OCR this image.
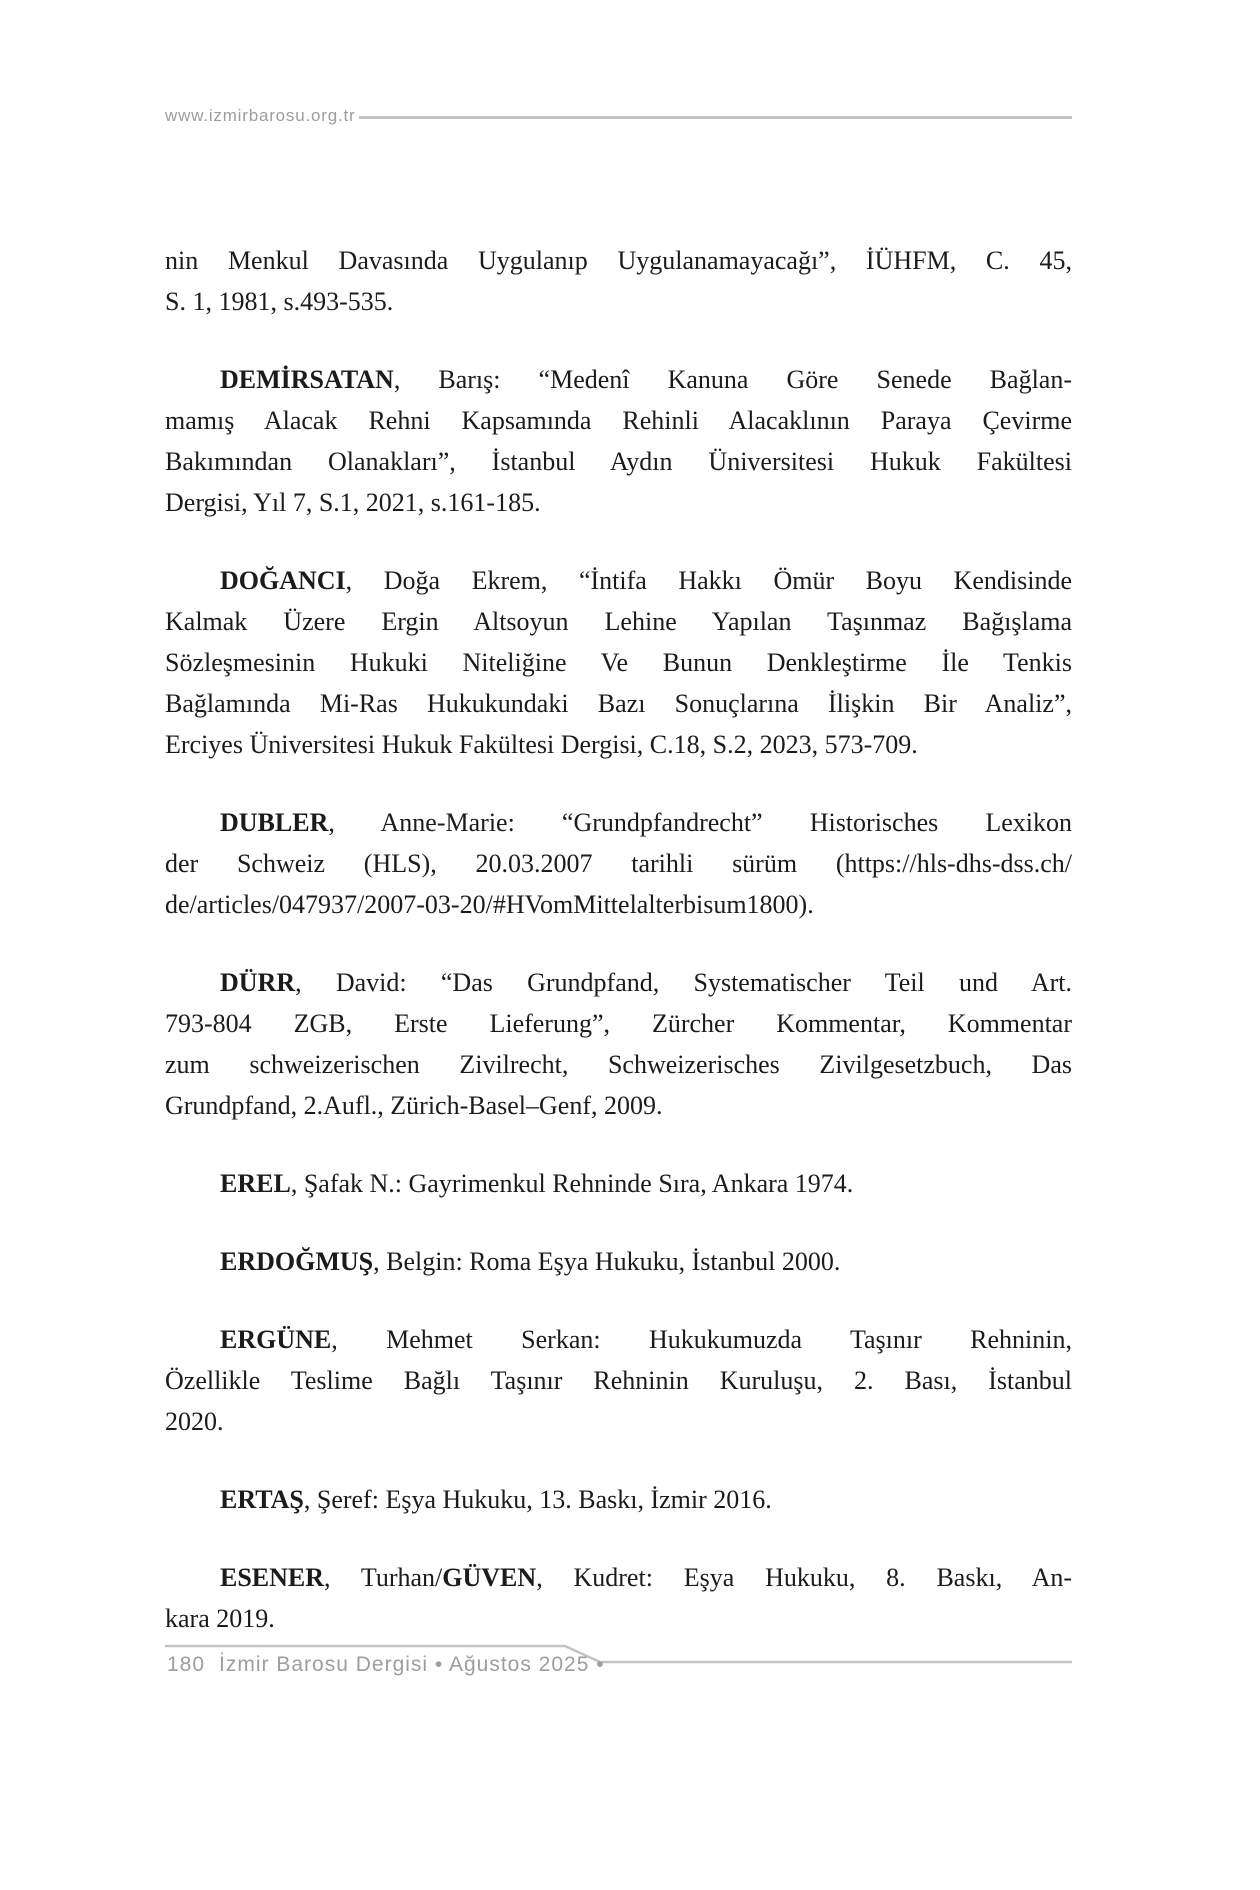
www.izmirbarosu.org.tr
nin Menkul Davasında Uygulanıp Uygulanamayacağı”, İÜHFM, C. 45,
S. 1, 1981, s.493-535.
DEMİRSATAN, Barış: “Medenî Kanuna Göre Senede Bağlan-
mamış Alacak Rehni Kapsamında Rehinli Alacaklının Paraya Çevirme
Bakımından Olanakları”, İstanbul Aydın Üniversitesi Hukuk Fakültesi
Dergisi, Yıl 7, S.1, 2021, s.161-185.
DOĞANCI, Doğa Ekrem, “İntifa Hakkı Ömür Boyu Kendisinde
Kalmak Üzere Ergin Altsoyun Lehine Yapılan Taşınmaz Bağışlama
Sözleşmesinin Hukuki Niteliğine Ve Bunun Denkleştirme İle Tenkis
Bağlamında Mi-Ras Hukukundaki Bazı Sonuçlarına İlişkin Bir Analiz”,
Erciyes Üniversitesi Hukuk Fakültesi Dergisi, C.18, S.2, 2023, 573-709.
DUBLER, Anne-Marie: “Grundpfandrecht” Historisches Lexikon
der Schweiz (HLS), 20.03.2007 tarihli sürüm (https://hls-dhs-dss.ch/
de/articles/047937/2007-03-20/#HVomMittelalterbisum1800).
DÜRR, David: “Das Grundpfand, Systematischer Teil und Art.
793-804 ZGB, Erste Lieferung”, Zürcher Kommentar, Kommentar
zum schweizerischen Zivilrecht, Schweizerisches Zivilgesetzbuch, Das
Grundpfand, 2.Aufl., Zürich-Basel–Genf, 2009.
EREL, Şafak N.: Gayrimenkul Rehninde Sıra, Ankara 1974.
ERDOĞMUŞ, Belgin: Roma Eşya Hukuku, İstanbul 2000.
ERGÜNE, Mehmet Serkan: Hukukumuzda Taşınır Rehninin,
Özellikle Teslime Bağlı Taşınır Rehninin Kuruluşu, 2. Bası, İstanbul
2020.
ERTAŞ, Şeref: Eşya Hukuku, 13. Baskı, İzmir 2016.
ESENER, Turhan/GÜVEN, Kudret: Eşya Hukuku, 8. Baskı, An-
kara 2019.
180 İzmir Barosu Dergisi • Ağustos 2025 •
